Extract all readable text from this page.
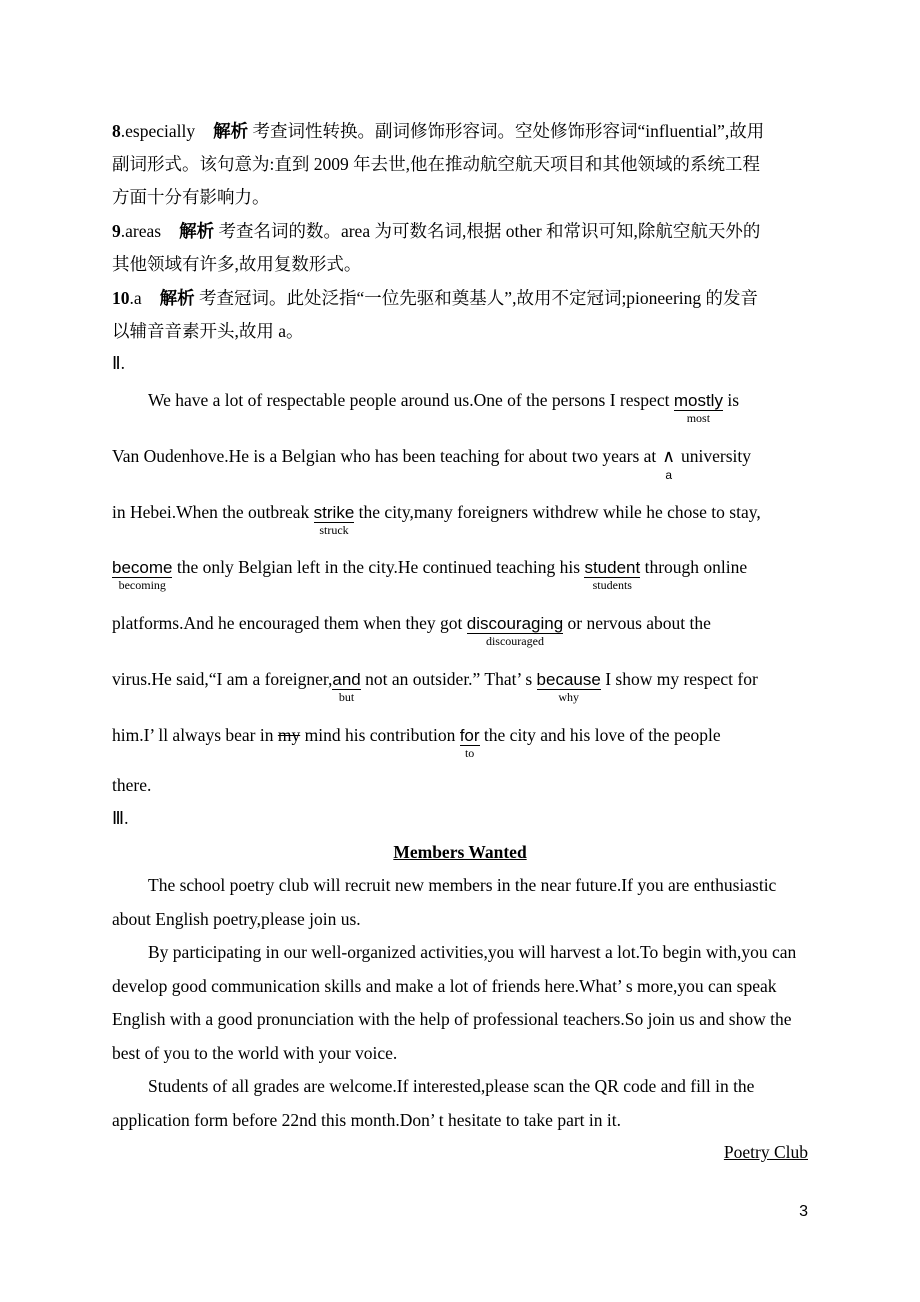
8.especially 解析 考查词性转换。副词修饰形容词。空处修饰形容词“influential”,故用
副词形式。该句意为:直到 2009 年去世,他在推动航空航天项目和其他领域的系统工程
方面十分有影响力。
9.areas 解析 考查名词的数。area 为可数名词,根据 other 和常识可知,除航空航天外的
其他领域有许多,故用复数形式。
10.a 解析 考查冠词。此处泛指“一位先驱和奠基人”,故用不定冠词;pioneering 的发音
以辅音音素开头,故用 a。
Ⅱ.
We have a lot of respectable people around us.One of the persons I respect mostly
most
is
Van Oudenhove.He is a Belgian who has been teaching for about two years at ∧
a
university
in Hebei.When the outbreak strike
struck
the city,many foreigners withdrew while he chose to stay,
become
becoming
the only Belgian left in the city.He continued teaching his student
students
through online
platforms.And he encouraged them when they got discouraging
discouraged
or nervous about the
virus.He said,“I am a foreigner,and
but
not an outsider.” That’ s because
why
I show my respect for
him.I’ ll always bear in my mind his contribution for
to
the city and his love of the people
there.
Ⅲ.
Members Wanted
The school poetry club will recruit new members in the near future.If you are enthusiastic about English poetry,please join us.
By participating in our well-organized activities,you will harvest a lot.To begin with,you can develop good communication skills and make a lot of friends here.What’ s more,you can speak English with a good pronunciation with the help of professional teachers.So join us and show the best of you to the world with your voice.
Students of all grades are welcome.If interested,please scan the QR code and fill in the application form before 22nd this month.Don’ t hesitate to take part in it.
Poetry Club
3
